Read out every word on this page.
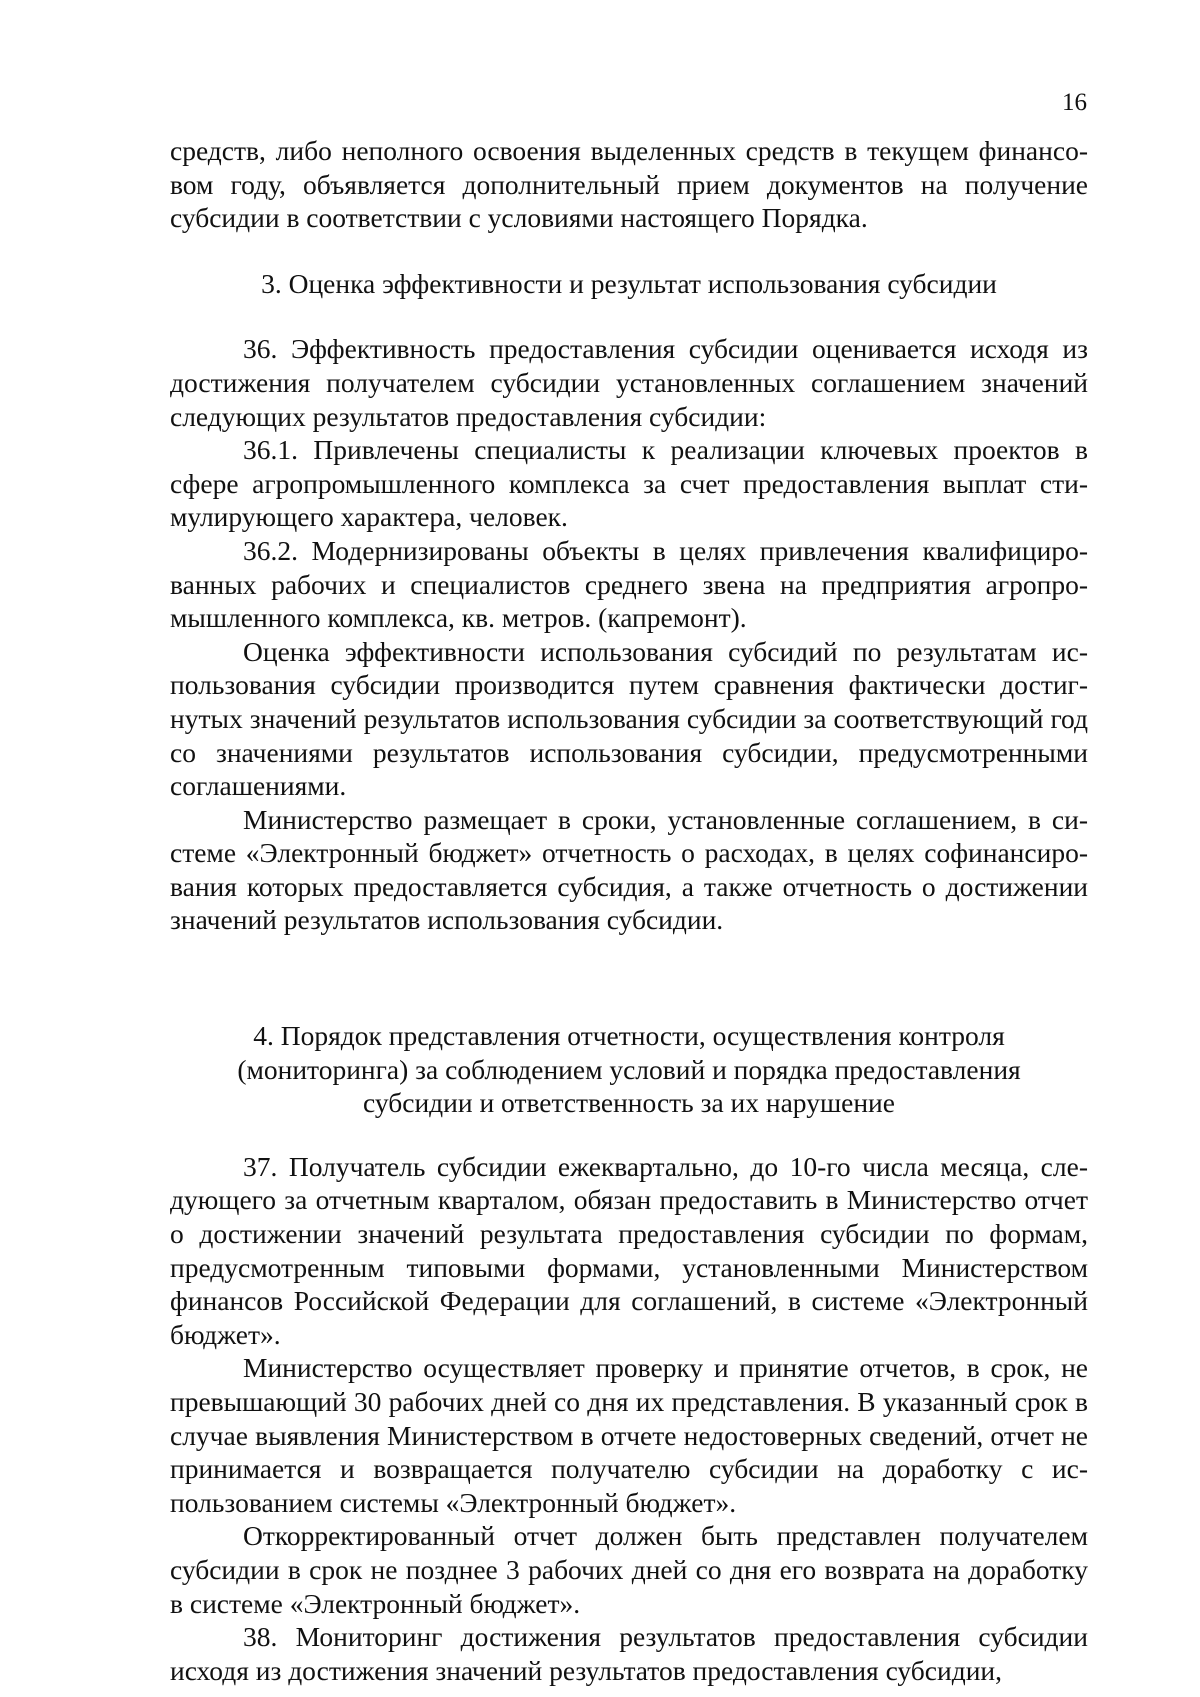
16

средств, либо неполного освоения выделенных средств в текущем финансовом году, объявляется дополнительный прием документов на получение субсидии в соответствии с условиями настоящего Порядка.

3. Оценка эффективности и результат использования субсидии

36. Эффективность предоставления субсидии оценивается исходя из достижения получателем субсидии установленных соглашением значений следующих результатов предоставления субсидии:

36.1. Привлечены специалисты к реализации ключевых проектов в сфере агропромышленного комплекса за счет предоставления выплат стимулирующего характера, человек.

36.2. Модернизированы объекты в целях привлечения квалифицированных рабочих и специалистов среднего звена на предприятия агропромышленного комплекса, кв. метров. (капремонт).

Оценка эффективности использования субсидий по результатам использования субсидии производится путем сравнения фактически достигнутых значений результатов использования субсидии за соответствующий год со значениями результатов использования субсидии, предусмотренными соглашениями.

Министерство размещает в сроки, установленные соглашением, в системе «Электронный бюджет» отчетность о расходах, в целях софинансирования которых предоставляется субсидия, а также отчетность о достижении значений результатов использования субсидии.

4. Порядок представления отчетности, осуществления контроля
(мониторинга) за соблюдением условий и порядка предоставления
субсидии и ответственность за их нарушение

37. Получатель субсидии ежеквартально, до 10-го числа месяца, следующего за отчетным кварталом, обязан предоставить в Министерство отчет о достижении значений результата предоставления субсидии по формам, предусмотренным типовыми формами, установленными Министерством финансов Российской Федерации для соглашений, в системе «Электронный бюджет».

Министерство осуществляет проверку и принятие отчетов, в срок, не превышающий 30 рабочих дней со дня их представления. В указанный срок в случае выявления Министерством в отчете недостоверных сведений, отчет не принимается и возвращается получателю субсидии на доработку с использованием системы «Электронный бюджет».

Откорректированный отчет должен быть представлен получателем субсидии в срок не позднее 3 рабочих дней со дня его возврата на доработку в системе «Электронный бюджет».

38. Мониторинг достижения результатов предоставления субсидии исходя из достижения значений результатов предоставления субсидии,
